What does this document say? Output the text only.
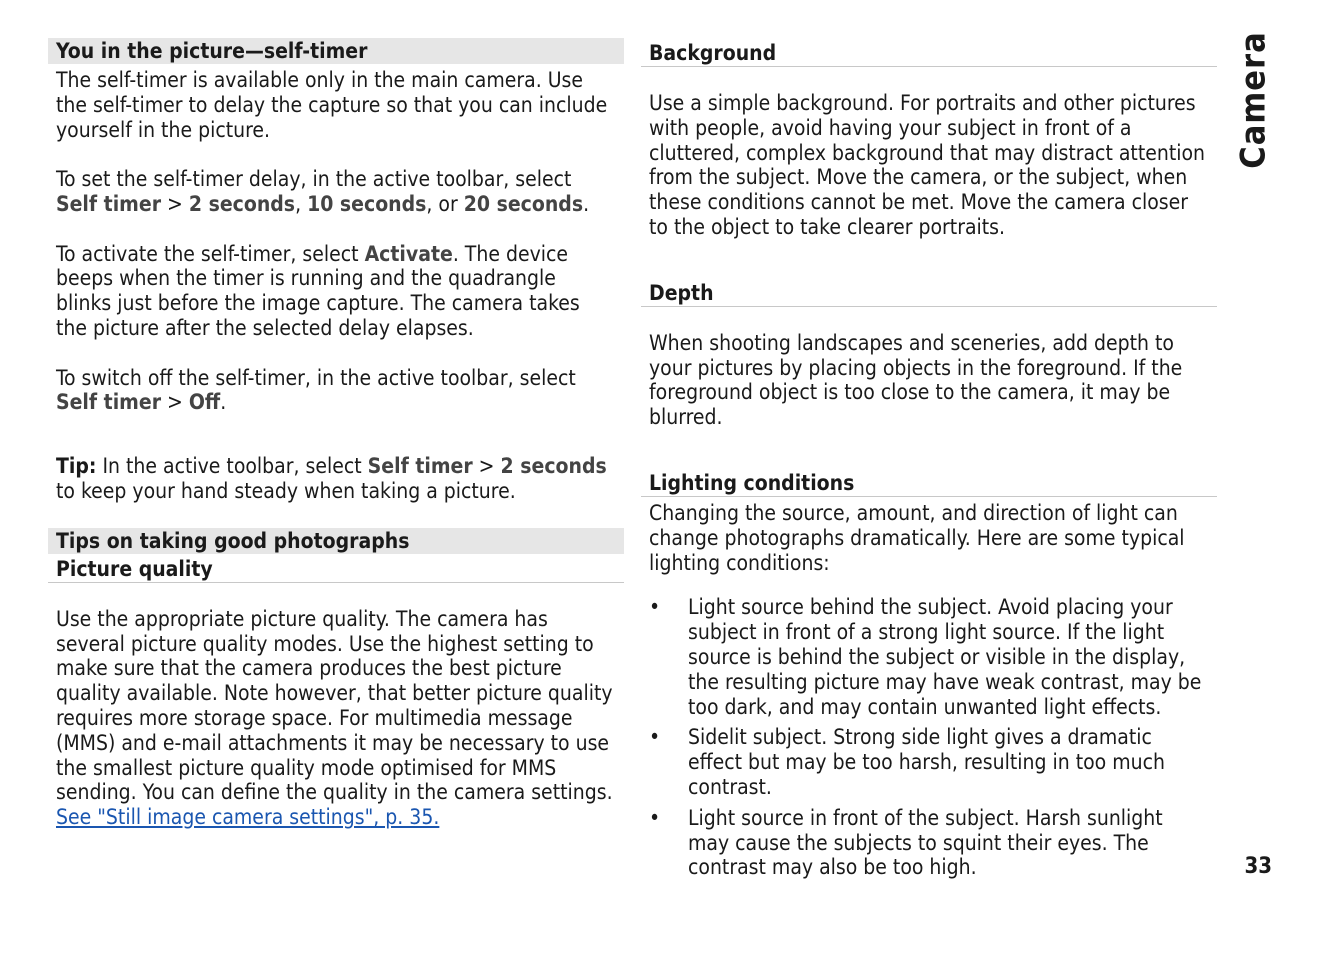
You in the picture—self-timer

The self-timer is available only in the main camera. Use the self-timer to delay the capture so that you can include yourself in the picture.

To set the self-timer delay, in the active toolbar, select Self timer > 2 seconds, 10 seconds, or 20 seconds.

To activate the self-timer, select Activate. The device beeps when the timer is running and the quadrangle blinks just before the image capture. The camera takes the picture after the selected delay elapses.

To switch off the self-timer, in the active toolbar, select Self timer > Off.

Tip: In the active toolbar, select Self timer > 2 seconds to keep your hand steady when taking a picture.

Tips on taking good photographs
Picture quality

Use the appropriate picture quality. The camera has several picture quality modes. Use the highest setting to make sure that the camera produces the best picture quality available. Note however, that better picture quality requires more storage space. For multimedia message (MMS) and e-mail attachments it may be necessary to use the smallest picture quality mode optimised for MMS sending. You can define the quality in the camera settings. See "Still image camera settings", p. 35.

Background

Use a simple background. For portraits and other pictures with people, avoid having your subject in front of a cluttered, complex background that may distract attention from the subject. Move the camera, or the subject, when these conditions cannot be met. Move the camera closer to the object to take clearer portraits.

Depth

When shooting landscapes and sceneries, add depth to your pictures by placing objects in the foreground. If the foreground object is too close to the camera, it may be blurred.

Lighting conditions

Changing the source, amount, and direction of light can change photographs dramatically. Here are some typical lighting conditions:

• Light source behind the subject. Avoid placing your subject in front of a strong light source. If the light source is behind the subject or visible in the display, the resulting picture may have weak contrast, may be too dark, and may contain unwanted light effects.
• Sidelit subject. Strong side light gives a dramatic effect but may be too harsh, resulting in too much contrast.
• Light source in front of the subject. Harsh sunlight may cause the subjects to squint their eyes. The contrast may also be too high.
Camera
33
